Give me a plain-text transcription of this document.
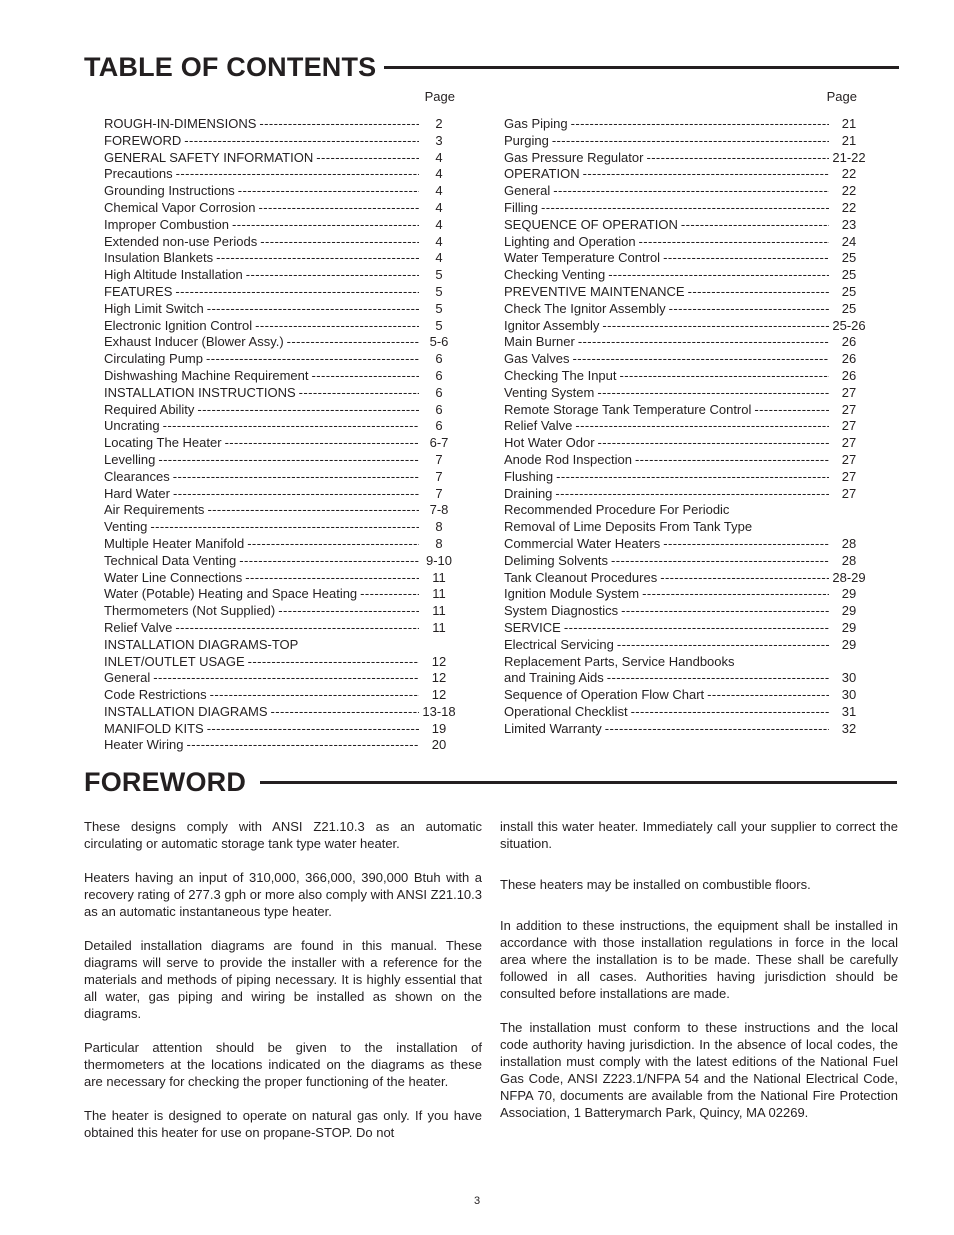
TABLE OF CONTENTS
Page
ROUGH-IN-DIMENSIONS - - -	2
FOREWORD - - -	3
GENERAL SAFETY INFORMATION - - -	4
Precautions - - -	4
Grounding Instructions - - -	4
Chemical Vapor Corrosion - - -	4
Improper Combustion - - -	4
Extended non-use Periods - - -	4
Insulation Blankets - - -	4
High Altitude Installation - - -	5
FEATURES - - -	5
High Limit Switch - - -	5
Electronic Ignition Control - - -	5
Exhaust Inducer (Blower Assy.) - - -	5-6
Circulating Pump - - -	6
Dishwashing Machine Requirement - - -	6
INSTALLATION INSTRUCTIONS - - -	6
Required Ability - - -	6
Uncrating - - -	6
Locating The Heater - - -	6-7
Levelling - - -	7
Clearances - - -	7
Hard Water - - -	7
Air Requirements - - -	7-8
Venting - - -	8
Multiple Heater Manifold - - -	8
Technical Data Venting - - -	9-10
Water Line Connections - - -	11
Water (Potable) Heating and Space Heating - - -	11
Thermometers (Not Supplied) - - -	11
Relief Valve - - -	11
INSTALLATION DIAGRAMS-TOP
INLET/OUTLET USAGE - - -	12
General - - -	12
Code Restrictions - - -	12
INSTALLATION DIAGRAMS - - -	13-18
MANIFOLD KITS - - -	19
Heater Wiring - - -	20
Page
Gas Piping - - -	21
Purging - - -	21
Gas Pressure Regulator - - -	21-22
OPERATION - - -	22
General - - -	22
Filling - - -	22
SEQUENCE OF OPERATION - - -	23
Lighting and Operation - - -	24
Water Temperature Control - - -	25
Checking Venting - - -	25
PREVENTIVE MAINTENANCE - - -	25
Check The Ignitor Assembly - - -	25
Ignitor Assembly - - -	25-26
Main Burner - - -	26
Gas Valves - - -	26
Checking The Input - - -	26
Venting System - - -	27
Remote Storage Tank Temperature Control - - -	27
Relief Valve - - -	27
Hot Water Odor - - -	27
Anode Rod Inspection - - -	27
Flushing - - -	27
Draining - - -	27
Recommended Procedure For Periodic
Removal of Lime Deposits From Tank Type
Commercial Water Heaters - - -	28
Deliming Solvents - - -	28
Tank Cleanout Procedures - - -	28-29
Ignition Module System - - -	29
System Diagnostics - - -	29
SERVICE - - -	29
Electrical Servicing - - -	29
Replacement Parts, Service Handbooks
and Training Aids - - -	30
Sequence of Operation Flow Chart - - -	30
Operational Checklist - - -	31
Limited Warranty - - -	32
FOREWORD

These designs comply with ANSI Z21.10.3 as an automatic circulating or automatic storage tank type water heater.

Heaters having an input of 310,000, 366,000, 390,000 Btuh with a recovery rating of 277.3 gph or more also comply with ANSI Z21.10.3 as an automatic instantaneous type heater.

Detailed installation diagrams are found in this manual. These diagrams will serve to provide the installer with a reference for the materials and methods of piping necessary. It is highly essential that all water, gas piping and wiring be installed as shown on the diagrams.

Particular attention should be given to the installation of thermometers at the locations indicated on the diagrams as these are necessary for checking the proper functioning of the heater.

The heater is designed to operate on natural gas only. If you have obtained this heater for use on propane-STOP. Do not

install this water heater. Immediately call your supplier to correct the situation.

These heaters may be installed on combustible floors.

In addition to these instructions, the equipment shall be installed in accordance with those installation regulations in force in the local area where the installation is to be made. These shall be carefully followed in all cases. Authorities having jurisdiction should be consulted before installations are made.

The installation must conform to these instructions and the local code authority having jurisdiction. In the absence of local codes, the installation must comply with the latest editions of the National Fuel Gas Code, ANSI Z223.1/NFPA 54 and the National Electrical Code, NFPA 70, documents are available from the National Fire Protection Association, 1 Batterymarch Park, Quincy, MA 02269.

3
